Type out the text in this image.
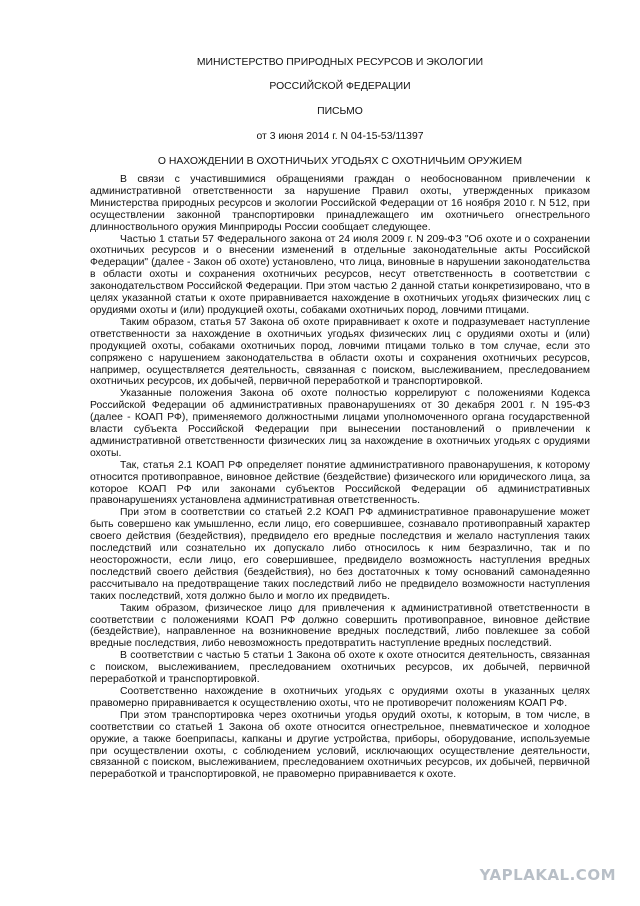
МИНИСТЕРСТВО ПРИРОДНЫХ РЕСУРСОВ И ЭКОЛОГИИ
РОССИЙСКОЙ ФЕДЕРАЦИИ
ПИСЬМО
от 3 июня 2014 г. N 04-15-53/11397
О НАХОЖДЕНИИ В ОХОТНИЧЬИХ УГОДЬЯХ С ОХОТНИЧЬИМ ОРУЖИЕМ

В связи с участившимися обращениями граждан о необоснованном привлечении к административной ответственности за нарушение Правил охоты, утвержденных приказом Министерства природных ресурсов и экологии Российской Федерации от 16 ноября 2010 г. N 512, при осуществлении законной транспортировки принадлежащего им охотничьего огнестрельного длинноствольного оружия Минприроды России сообщает следующее.

Частью 1 статьи 57 Федерального закона от 24 июля 2009 г. N 209-ФЗ "Об охоте и о сохранении охотничьих ресурсов и о внесении изменений в отдельные законодательные акты Российской Федерации" (далее - Закон об охоте) установлено, что лица, виновные в нарушении законодательства в области охоты и сохранения охотничьих ресурсов, несут ответственность в соответствии с законодательством Российской Федерации. При этом частью 2 данной статьи конкретизировано, что в целях указанной статьи к охоте приравнивается нахождение в охотничьих угодьях физических лиц с орудиями охоты и (или) продукцией охоты, собаками охотничьих пород, ловчими птицами.

Таким образом, статья 57 Закона об охоте приравнивает к охоте и подразумевает наступление ответственности за нахождение в охотничьих угодьях физических лиц с орудиями охоты и (или) продукцией охоты, собаками охотничьих пород, ловчими птицами только в том случае, если это сопряжено с нарушением законодательства в области охоты и сохранения охотничьих ресурсов, например, осуществляется деятельность, связанная с поиском, выслеживанием, преследованием охотничьих ресурсов, их добычей, первичной переработкой и транспортировкой.

Указанные положения Закона об охоте полностью коррелируют с положениями Кодекса Российской Федерации об административных правонарушениях от 30 декабря 2001 г. N 195-ФЗ (далее - КОАП РФ), применяемого должностными лицами уполномоченного органа государственной власти субъекта Российской Федерации при вынесении постановлений о привлечении к административной ответственности физических лиц за нахождение в охотничьих угодьях с орудиями охоты.

Так, статья 2.1 КОАП РФ определяет понятие административного правонарушения, к которому относится противоправное, виновное действие (бездействие) физического или юридического лица, за которое КОАП РФ или законами субъектов Российской Федерации об административных правонарушениях установлена административная ответственность.

При этом в соответствии со статьей 2.2 КОАП РФ административное правонарушение может быть совершено как умышленно, если лицо, его совершившее, сознавало противоправный характер своего действия (бездействия), предвидело его вредные последствия и желало наступления таких последствий или сознательно их допускало либо относилось к ним безразлично, так и по неосторожности, если лицо, его совершившее, предвидело возможность наступления вредных последствий своего действия (бездействия), но без достаточных к тому оснований самонадеянно рассчитывало на предотвращение таких последствий либо не предвидело возможности наступления таких последствий, хотя должно было и могло их предвидеть.

Таким образом, физическое лицо для привлечения к административной ответственности в соответствии с положениями КОАП РФ должно совершить противоправное, виновное действие (бездействие), направленное на возникновение вредных последствий, либо повлекшее за собой вредные последствия, либо невозможность предотвратить наступление вредных последствий.

В соответствии с частью 5 статьи 1 Закона об охоте к охоте относится деятельность, связанная с поиском, выслеживанием, преследованием охотничьих ресурсов, их добычей, первичной переработкой и транспортировкой.

Соответственно нахождение в охотничьих угодьях с орудиями охоты в указанных целях правомерно приравнивается к осуществлению охоты, что не противоречит положениям КОАП РФ.

При этом транспортировка через охотничьи угодья орудий охоты, к которым, в том числе, в соответствии со статьей 1 Закона об охоте относится огнестрельное, пневматическое и холодное оружие, а также боеприпасы, капканы и другие устройства, приборы, оборудование, используемые при осуществлении охоты, с соблюдением условий, исключающих осуществление деятельности, связанной с поиском, выслеживанием, преследованием охотничьих ресурсов, их добычей, первичной переработкой и транспортировкой, не правомерно приравнивается к охоте.

YAPLAKAL.COM
